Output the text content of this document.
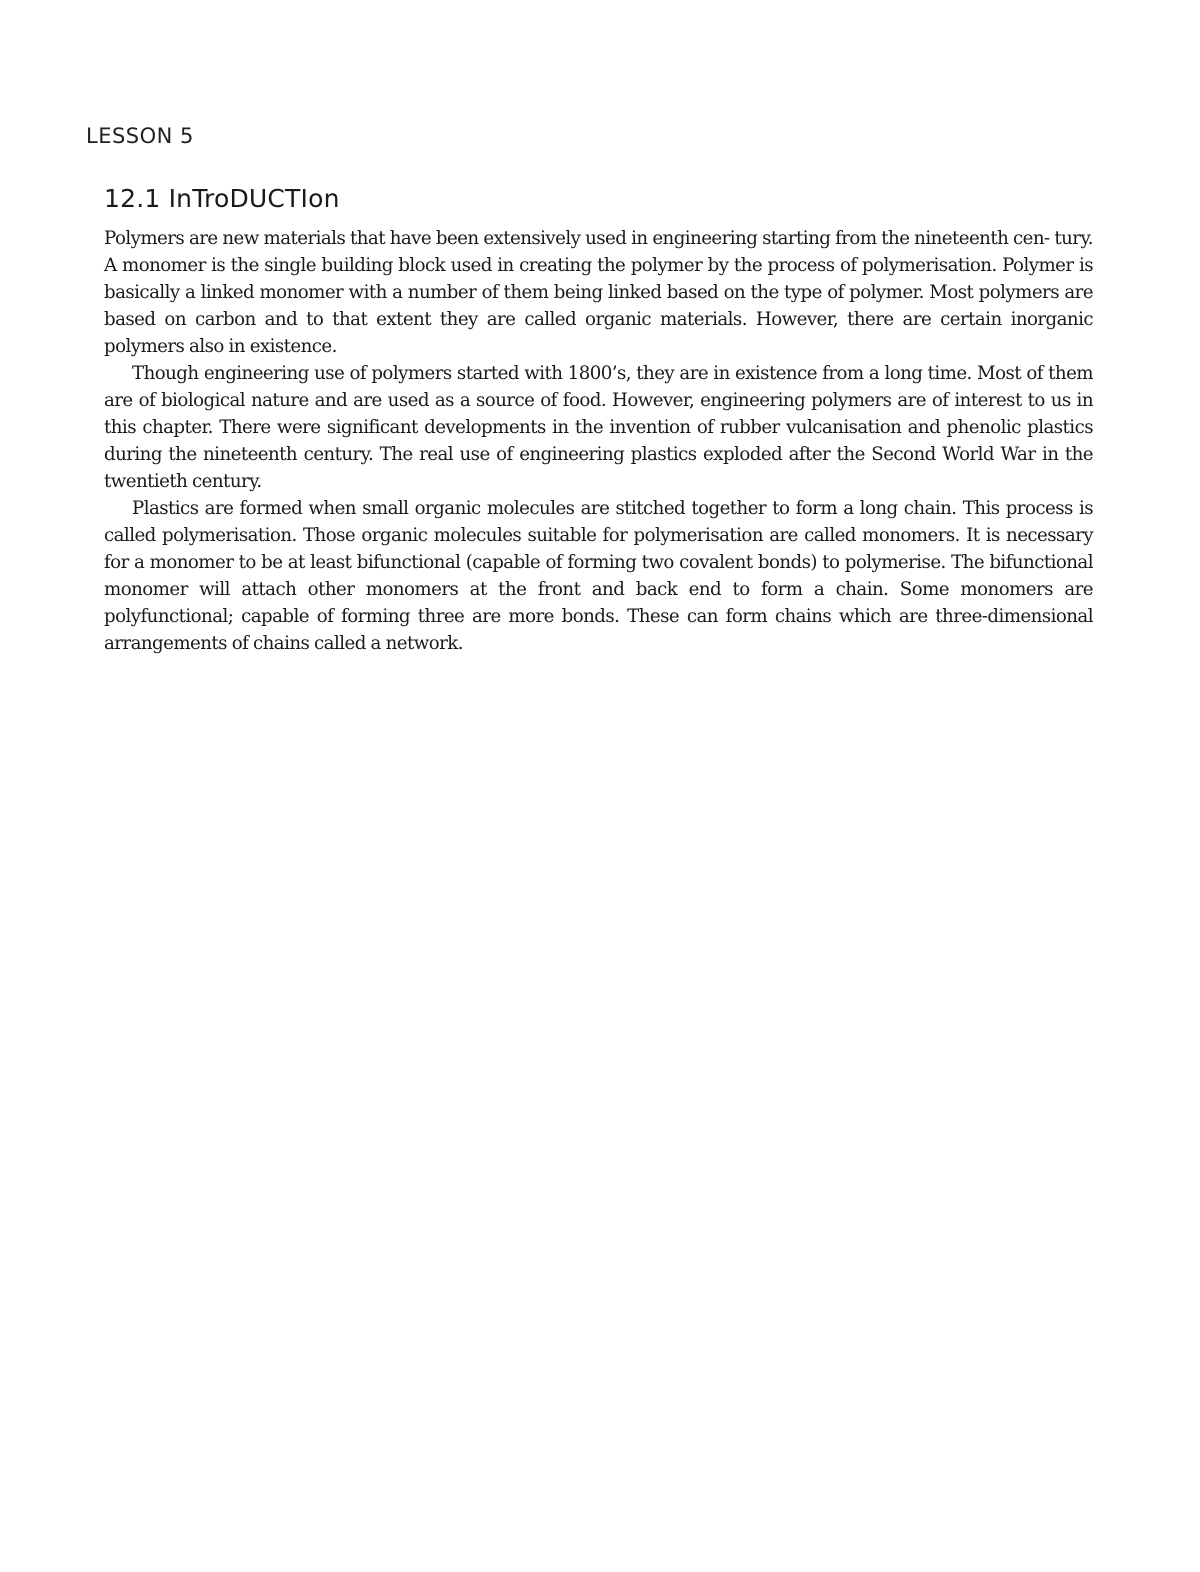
LESSON 5
12.1 InTroDUCTIon

Polymers are new materials that have been extensively used in engineering starting from the nineteenth cen- tury. A monomer is the single building block used in creating the polymer by the process of polymerisation. Polymer is basically a linked monomer with a number of them being linked based on the type of polymer. Most polymers are based on carbon and to that extent they are called organic materials. However, there are certain inorganic polymers also in existence.

Though engineering use of polymers started with 1800’s, they are in existence from a long time. Most of them are of biological nature and are used as a source of food. However, engineering polymers are of interest to us in this chapter. There were significant developments in the invention of rubber vulcanisation and phenolic plastics during the nineteenth century. The real use of engineering plastics exploded after the Second World War in the twentieth century.

Plastics are formed when small organic molecules are stitched together to form a long chain. This process is called polymerisation. Those organic molecules suitable for polymerisation are called monomers. It is necessary for a monomer to be at least bifunctional (capable of forming two covalent bonds) to polymerise. The bifunctional monomer will attach other monomers at the front and back end to form a chain. Some monomers are polyfunctional; capable of forming three are more bonds. These can form chains which are three-dimensional arrangements of chains called a network.
